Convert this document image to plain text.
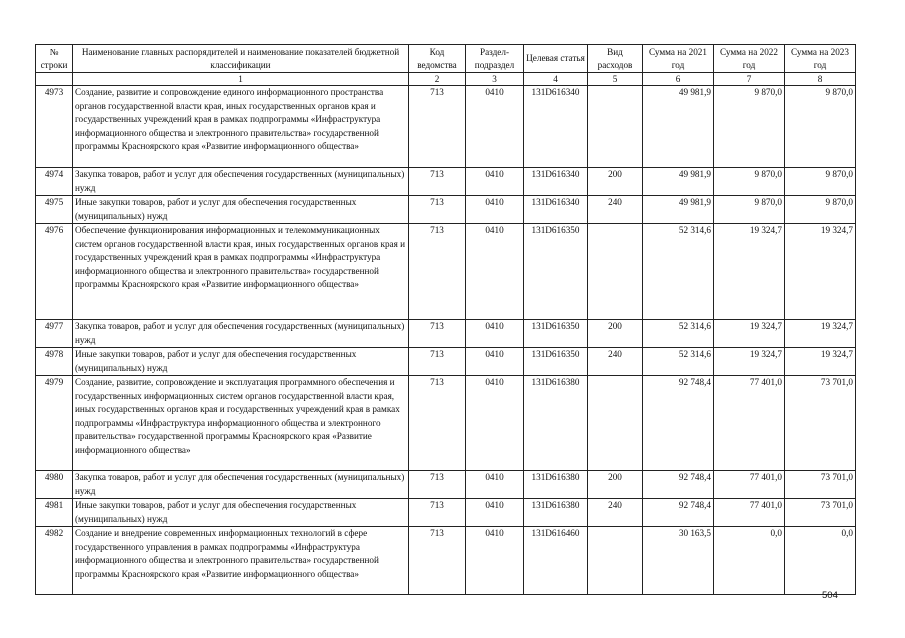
№ строки	Наименование главных распорядителей и наименование показателей бюджетной классификации	Код ведомства	Раздел-подраздел	Целевая статья	Вид расходов	Сумма на 2021 год	Сумма на 2022 год	Сумма на 2023 год
	1	2	3	4	5	6	7	8
4973	Создание, развитие и сопровождение единого информационного пространства органов государственной власти края, иных государственных органов края и государственных учреждений края в рамках подпрограммы «Инфраструктура информационного общества и электронного правительства» государственной программы Красноярского края «Развитие информационного общества»	713	0410	131D616340		49 981,9	9 870,0	9 870,0
4974	Закупка товаров, работ и услуг для обеспечения государственных (муниципальных) нужд	713	0410	131D616340	200	49 981,9	9 870,0	9 870,0
4975	Иные закупки товаров, работ и услуг для обеспечения государственных (муниципальных) нужд	713	0410	131D616340	240	49 981,9	9 870,0	9 870,0
4976	Обеспечение функционирования информационных и телекоммуникационных систем органов государственной власти края, иных государственных органов края и государственных учреждений края в рамках подпрограммы «Инфраструктура информационного общества и электронного правительства» государственной программы Красноярского края «Развитие информационного общества»	713	0410	131D616350		52 314,6	19 324,7	19 324,7
4977	Закупка товаров, работ и услуг для обеспечения государственных (муниципальных) нужд	713	0410	131D616350	200	52 314,6	19 324,7	19 324,7
4978	Иные закупки товаров, работ и услуг для обеспечения государственных (муниципальных) нужд	713	0410	131D616350	240	52 314,6	19 324,7	19 324,7
4979	Создание, развитие, сопровождение и эксплуатация программного обеспечения и государственных информационных систем органов государственной власти края, иных государственных органов края и государственных учреждений края в рамках подпрограммы «Инфраструктура информационного общества и электронного правительства» государственной программы Красноярского края «Развитие информационного общества»	713	0410	131D616380		92 748,4	77 401,0	73 701,0
4980	Закупка товаров, работ и услуг для обеспечения государственных (муниципальных) нужд	713	0410	131D616380	200	92 748,4	77 401,0	73 701,0
4981	Иные закупки товаров, работ и услуг для обеспечения государственных (муниципальных) нужд	713	0410	131D616380	240	92 748,4	77 401,0	73 701,0
4982	Создание и внедрение современных информационных технологий в сфере государственного управления в рамках подпрограммы «Инфраструктура информационного общества и электронного правительства» государственной программы Красноярского края «Развитие информационного общества»	713	0410	131D616460		30 163,5	0,0	0,0
504
